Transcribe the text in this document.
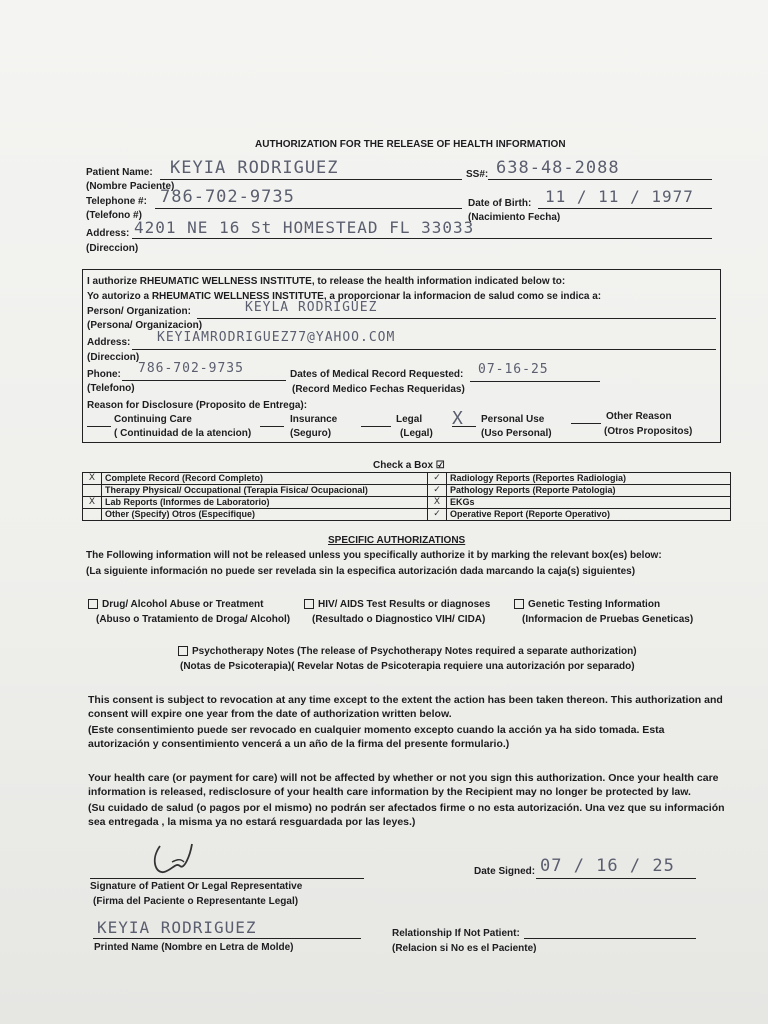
AUTHORIZATION FOR THE RELEASE OF HEALTH INFORMATION
Patient Name: KEYIA RODRIGUEZ
(Nombre Paciente)
SS#: 638-48-2088
Telephone #: 786-702-9735
(Telefono #)
Date of Birth: 11 / 11 / 1977
(Nacimiento Fecha)
Address: 4201 NE 16 St HOMESTEAD FL 33033
(Direccion)
I authorize RHEUMATIC WELLNESS INSTITUTE, to release the health information indicated below to:
Yo autorizo a RHEUMATIC WELLNESS INSTITUTE, a proporcionar la informacion de salud como se indica a:
Person/ Organization:	KEYLA RODRIGUEZ
(Persona/ Organizacion)
Address: KEYIAMRODRIGUEZ77@YAHOO.COM
(Direccion)
Phone: 786-702-9735
(Telefono)
Dates of Medical Record Requested: 07-16-25
(Record Medico Fechas Requeridas)
Reason for Disclosure (Proposito de Entrega):
Continuing Care
( Continuidad de la atencion)
Insurance
(Seguro)
Legal
(Legal)
X Personal Use
(Uso Personal)
Other Reason
(Otros Propositos)
Check a Box ☑
X	Complete Record (Record Completo)	✓	Radiology Reports (Reportes Radiologia)
	Therapy Physical/ Occupational (Terapia Fisica/ Ocupacional)	✓	Pathology Reports (Reporte Patologia)
X	Lab Reports (Informes de Laboratorio)	X	EKGs
	Other (Specify) Otros (Especifique)	✓	Operative Report (Reporte Operativo)
SPECIFIC AUTHORIZATIONS
The Following information will not be released unless you specifically authorize it by marking the relevant box(es) below:
(La siguiente información no puede ser revelada sin la especifica autorización dada marcando la caja(s) siguientes)
Drug/ Alcohol Abuse or Treatment
(Abuso o Tratamiento de Droga/ Alcohol)
HIV/ AIDS Test Results or diagnoses
(Resultado o Diagnostico VIH/ CIDA)
Genetic Testing Information
(Informacion de Pruebas Geneticas)
Psychotherapy Notes (The release of Psychotherapy Notes required a separate authorization)
(Notas de Psicoterapia)( Revelar Notas de Psicoterapia requiere una autorización por separado)
This consent is subject to revocation at any time except to the extent the action has been taken thereon. This authorization and consent will expire one year from the date of authorization written below.
(Este consentimiento puede ser revocado en cualquier momento excepto cuando la acción ya ha sido tomada. Esta autorización y consentimiento vencerá a un año de la firma del presente formulario.)
Your health care (or payment for care) will not be affected by whether or not you sign this authorization. Once your health care information is released, redisclosure of your health care information by the Recipient may no longer be protected by law.
(Su cuidado de salud (o pagos por el mismo) no podrán ser afectados firme o no esta autorización. Una vez que su información sea entregada , la misma ya no estará resguardada por las leyes.)
Signature of Patient Or Legal Representative
(Firma del Paciente o Representante Legal)
Date Signed: 07 / 16 / 25
KEYIA RODRIGUEZ
Printed Name (Nombre en Letra de Molde)
Relationship If Not Patient:
(Relacion si No es el Paciente)
